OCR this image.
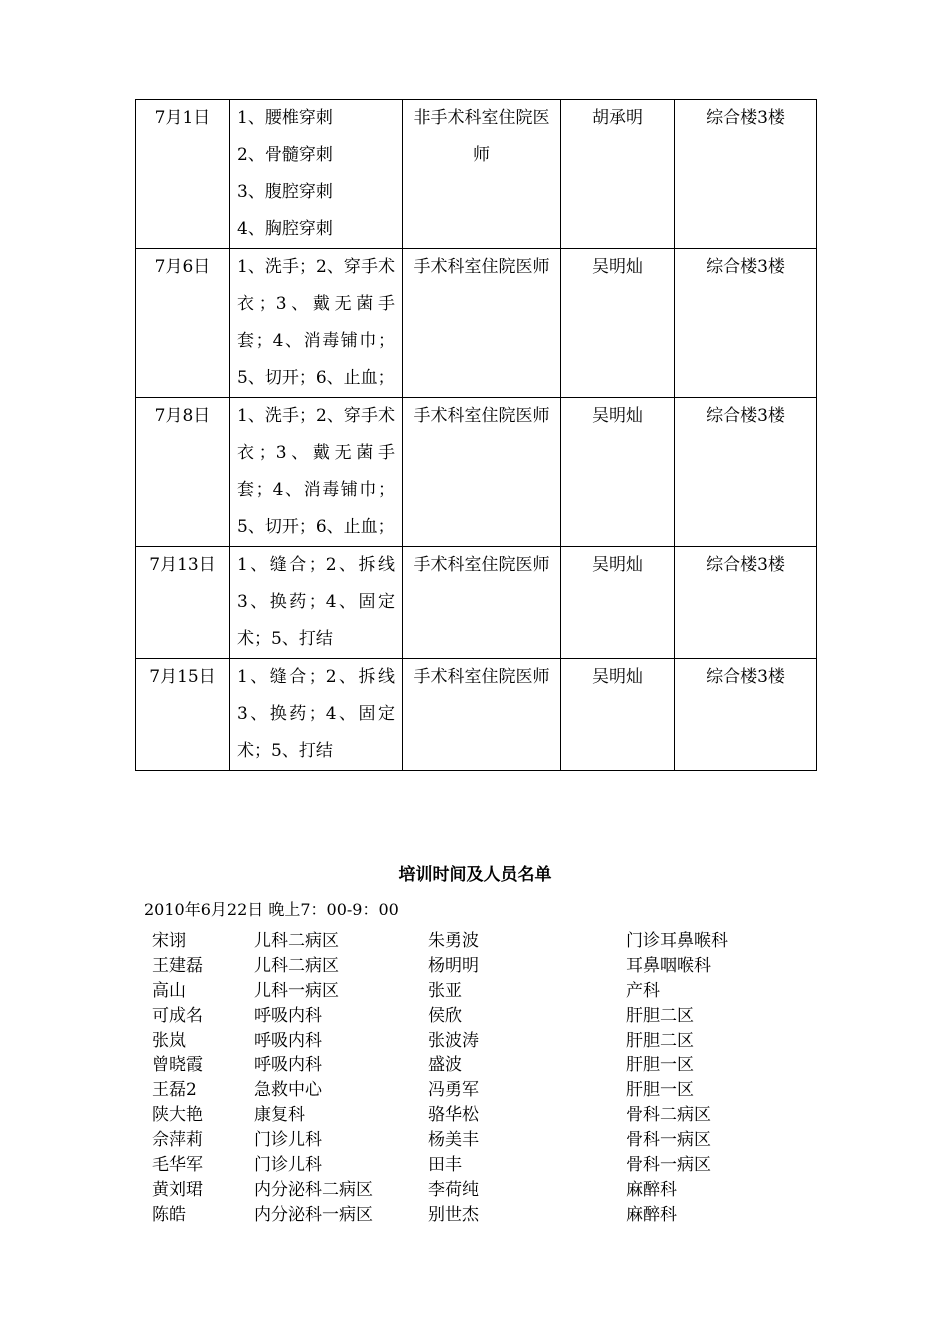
7月1日	1、腰椎穿刺
2、骨髓穿刺
3、腹腔穿刺
4、胸腔穿刺	非手术科室住院医师	胡承明	综合楼3楼
7月6日	1、洗手；2、穿手术衣；3、戴无菌手套；4、消毒铺巾；5、切开；6、止血；	手术科室住院医师	吴明灿	综合楼3楼
7月8日	1、洗手；2、穿手术衣；3、戴无菌手套；4、消毒铺巾；5、切开；6、止血；	手术科室住院医师	吴明灿	综合楼3楼
7月13日	1、缝合；2、拆线3、换药；4、固定术；5、打结	手术科室住院医师	吴明灿	综合楼3楼
7月15日	1、缝合；2、拆线3、换药；4、固定术；5、打结	手术科室住院医师	吴明灿	综合楼3楼
培训时间及人员名单
2010年6月22日 晚上7：00-9：00
宋诩	儿科二病区	朱勇波	门诊耳鼻喉科
王建磊	儿科二病区	杨明明	耳鼻咽喉科
高山	儿科一病区	张亚	产科
可成名	呼吸内科	侯欣	肝胆二区
张岚	呼吸内科	张波涛	肝胆二区
曾晓霞	呼吸内科	盛波	肝胆一区
王磊2	急救中心	冯勇军	肝胆一区
陕大艳	康复科	骆华松	骨科二病区
佘萍莉	门诊儿科	杨美丰	骨科一病区
毛华军	门诊儿科	田丰	骨科一病区
黄刘珺	内分泌科二病区	李荷纯	麻醉科
陈皓	内分泌科一病区	别世杰	麻醉科
